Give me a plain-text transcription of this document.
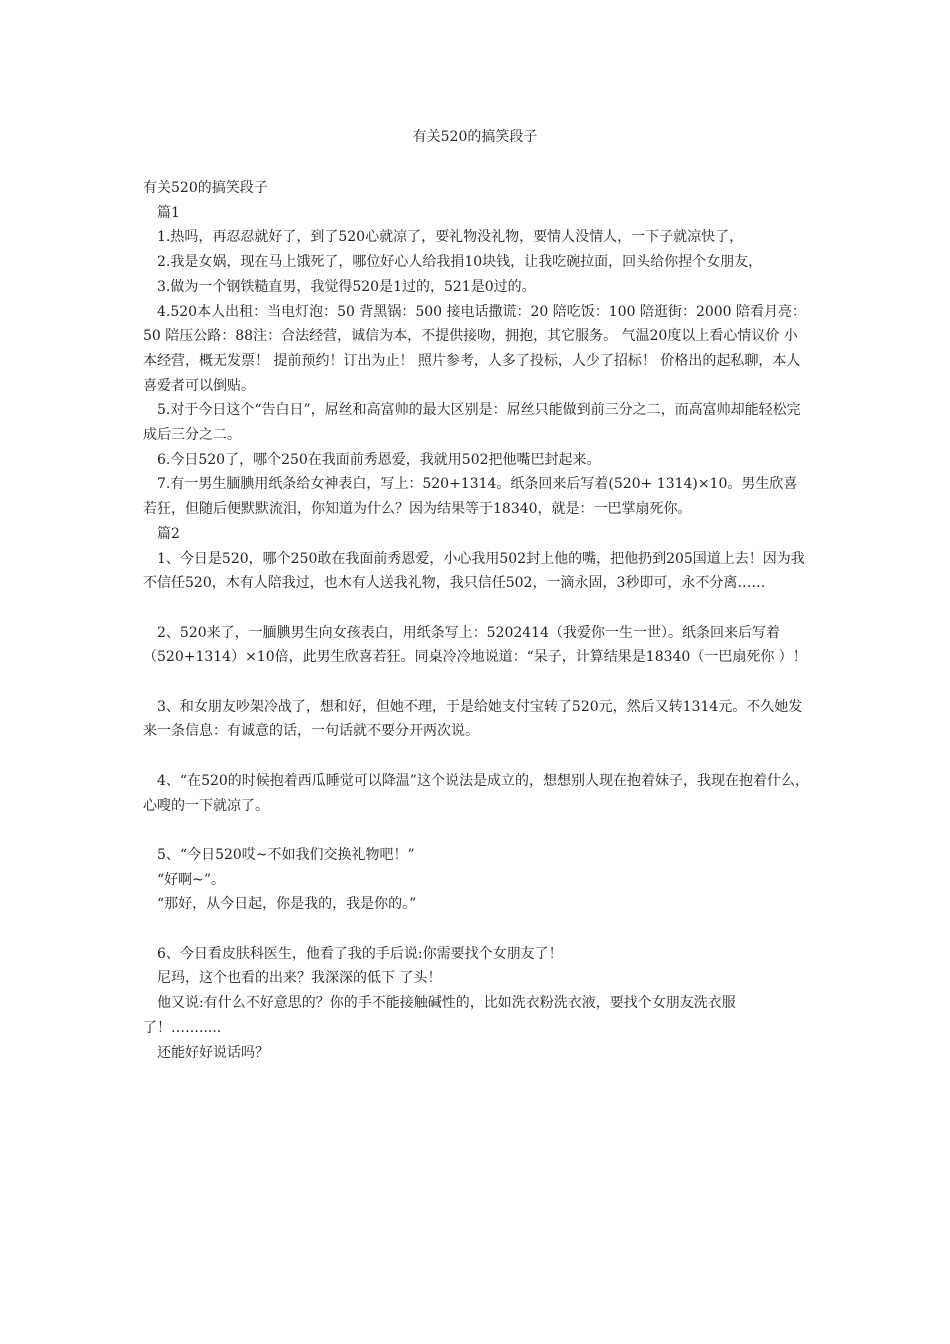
有关520的搞笑段子

有关520的搞笑段子

篇1

1.热吗，再忍忍就好了，到了520心就凉了，要礼物没礼物，要情人没情人，一下子就凉快了，

2.我是女娲，现在马上饿死了，哪位好心人给我捐10块钱，让我吃碗拉面，回头给你捏个女朋友，

3.做为一个钢铁糙直男，我觉得520是1过的，521是0过的。

4.520本人出租：当电灯泡：50 背黑锅：500 接电话撒谎：20 陪吃饭：100 陪逛街：2000 陪看月亮：50 陪压公路：88注：合法经营，诚信为本，不提供接吻，拥抱，其它服务。 气温20度以上看心情议价 小本经营，概无发票！ 提前预约！订出为止！ 照片参考，人多了投标，人少了招标！ 价格出的起私聊，本人喜爱者可以倒贴。

5.对于今日这个“告白日”，屌丝和高富帅的最大区别是：屌丝只能做到前三分之二，而高富帅却能轻松完成后三分之二。

6.今日520了，哪个250在我面前秀恩爱，我就用502把他嘴巴封起来。

7.有一男生腼腆用纸条给女神表白，写上：520+1314。纸条回来后写着(520+ 1314)×10。男生欣喜若狂，但随后便默默流泪，你知道为什么？因为结果等于18340，就是：一巴掌扇死你。

篇2

1、今日是520，哪个250敢在我面前秀恩爱，小心我用502封上他的嘴，把他扔到205国道上去！因为我不信任520，木有人陪我过，也木有人送我礼物，我只信任502，一滴永固，3秒即可，永不分离……

2、520来了，一腼腆男生向女孩表白，用纸条写上：5202414（我爱你一生一世）。纸条回来后写着（520+1314）×10倍，此男生欣喜若狂。同桌冷冷地说道：“呆子，计算结果是18340（一巴扇死你 ）！

3、和女朋友吵架冷战了，想和好，但她不理，于是给她支付宝转了520元，然后又转1314元。不久她发来一条信息：有诚意的话，一句话就不要分开两次说。

4、“在520的时候抱着西瓜睡觉可以降温”这个说法是成立的，想想别人现在抱着妹子，我现在抱着什么，心嗖的一下就凉了。

5、“今日520哎~不如我们交换礼物吧！”

“好啊~”。

“那好，从今日起，你是我的，我是你的。”

6、今日看皮肤科医生，他看了我的手后说:你需要找个女朋友了！

尼玛，这个也看的出来？我深深的低下 了头！

他又说:有什么不好意思的？你的手不能接触碱性的，比如洗衣粉洗衣液，要找个女朋友洗衣服了！…….....

还能好好说话吗？
